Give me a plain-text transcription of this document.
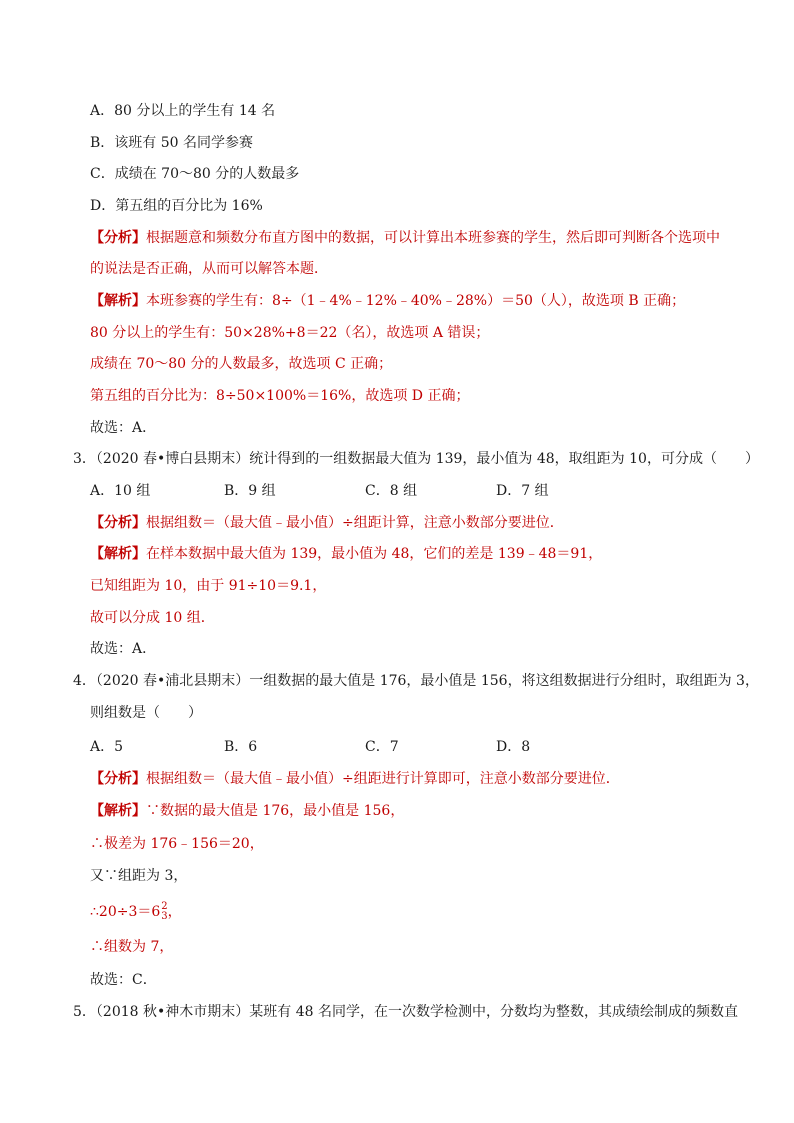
A．80 分以上的学生有 14 名
B．该班有 50 名同学参赛
C．成绩在 70～80 分的人数最多
D．第五组的百分比为 16%
【分析】根据题意和频数分布直方图中的数据，可以计算出本班参赛的学生，然后即可判断各个选项中
的说法是否正确，从而可以解答本题．
【解析】本班参赛的学生有：8÷（1﹣4%﹣12%﹣40%﹣28%）＝50（人），故选项 B 正确；
80 分以上的学生有：50×28%+8＝22（名），故选项 A 错误；
成绩在 70～80 分的人数最多，故选项 C 正确；
第五组的百分比为：8÷50×100%＝16%，故选项 D 正确；
故选：A．
3．（2020 春•博白县期末）统计得到的一组数据最大值为 139，最小值为 48，取组距为 10，可分成（　　）
A．10 组	B．9 组	C．8 组	D．7 组
【分析】根据组数＝（最大值﹣最小值）÷组距计算，注意小数部分要进位．
【解析】在样本数据中最大值为 139，最小值为 48，它们的差是 139﹣48＝91，
已知组距为 10，由于 91÷10＝9.1，
故可以分成 10 组．
故选：A．
4．（2020 春•浦北县期末）一组数据的最大值是 176，最小值是 156，将这组数据进行分组时，取组距为 3，
则组数是（　　）
A．5	B．6	C．7	D．8
【分析】根据组数＝（最大值﹣最小值）÷组距进行计算即可，注意小数部分要进位．
【解析】∵数据的最大值是 176，最小值是 156，
∴极差为 176﹣156＝20，
又∵组距为 3，
∴20÷3＝6 2
3 ，
∴组数为 7，
故选：C．
5．（2018 秋•神木市期末）某班有 48 名同学，在一次数学检测中，分数均为整数，其成绩绘制成的频数直
